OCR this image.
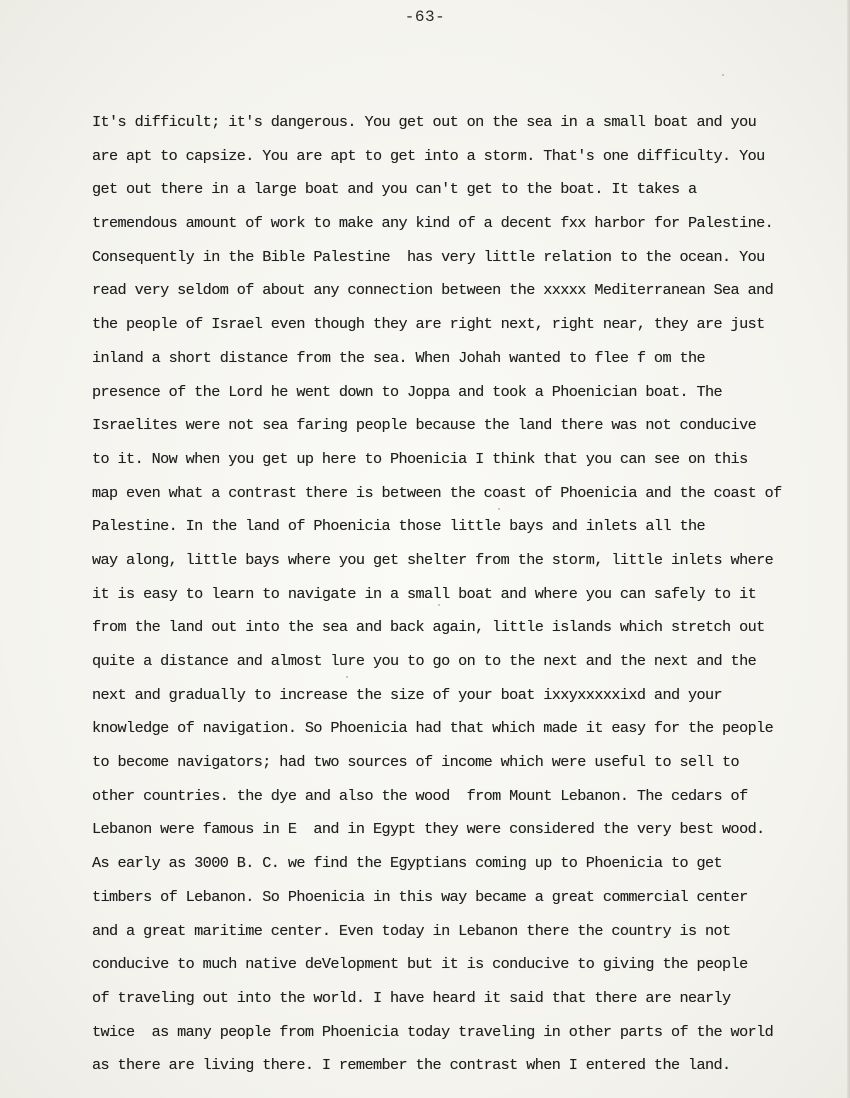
-63-
It's difficult; it's dangerous. You get out on the sea in a small boat and you
are apt to capsize. You are apt to get into a storm. That's one difficulty. You
get out there in a large boat and you can't get to the boat. It takes a
tremendous amount of work to make any kind of a decent fxx harbor for Palestine.
Consequently in the Bible Palestine  has very little relation to the ocean. You
read very seldom of about any connection between the xxxxx Mediterranean Sea and
the people of Israel even though they are right next, right near, they are just
inland a short distance from the sea. When Johah wanted to flee f om the
presence of the Lord he went down to Joppa and took a Phoenician boat. The
Israelites were not sea faring people because the land there was not conducive
to it. Now when you get up here to Phoenicia I think that you can see on this
map even what a contrast there is between the coast of Phoenicia and the coast of
Palestine. In the land of Phoenicia those little bays and inlets all the
way along, little bays where you get shelter from the storm, little inlets where
it is easy to learn to navigate in a small boat and where you can safely to it
from the land out into the sea and back again, little islands which stretch out
quite a distance and almost lure you to go on to the next and the next and the
next and gradually to increase the size of your boat ixxyxxxxxixd and your
knowledge of navigation. So Phoenicia had that which made it easy for the people
to become navigators; had two sources of income which were useful to sell to
other countries. the dye and also the wood  from Mount Lebanon. The cedars of
Lebanon were famous in E  and in Egypt they were considered the very best wood.
As early as 3000 B. C. we find the Egyptians coming up to Phoenicia to get
timbers of Lebanon. So Phoenicia in this way became a great commercial center
and a great maritime center. Even today in Lebanon there the country is not
conducive to much native deVelopment but it is conducive to giving the people
of traveling out into the world. I have heard it said that there are nearly
twice  as many people from Phoenicia today traveling in other parts of the world
as there are living there. I remember the contrast when I entered the land.
